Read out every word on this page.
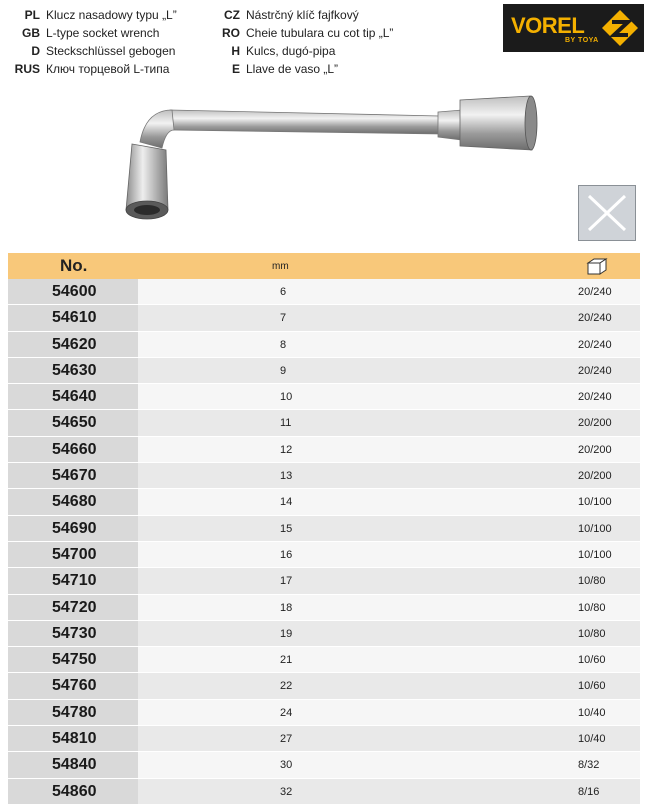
PL Klucz nasadowy typu „L”
GB L-type socket wrench
D Steckschlüssel gebogen
RUS Ключ торцевой L-типа
CZ Nástrčný klíč fajfkový
RO Cheie tubulara cu cot tip „L”
H Kulcs, dugó-pipa
E Llave de vaso „L”
VOREL
BY TOYA
No.	mm
54600	6	20/240
54610	7	20/240
54620	8	20/240
54630	9	20/240
54640	10	20/240
54650	11	20/200
54660	12	20/200
54670	13	20/200
54680	14	10/100
54690	15	10/100
54700	16	10/100
54710	17	10/80
54720	18	10/80
54730	19	10/80
54750	21	10/60
54760	22	10/60
54780	24	10/40
54810	27	10/40
54840	30	8/32
54860	32	8/16
